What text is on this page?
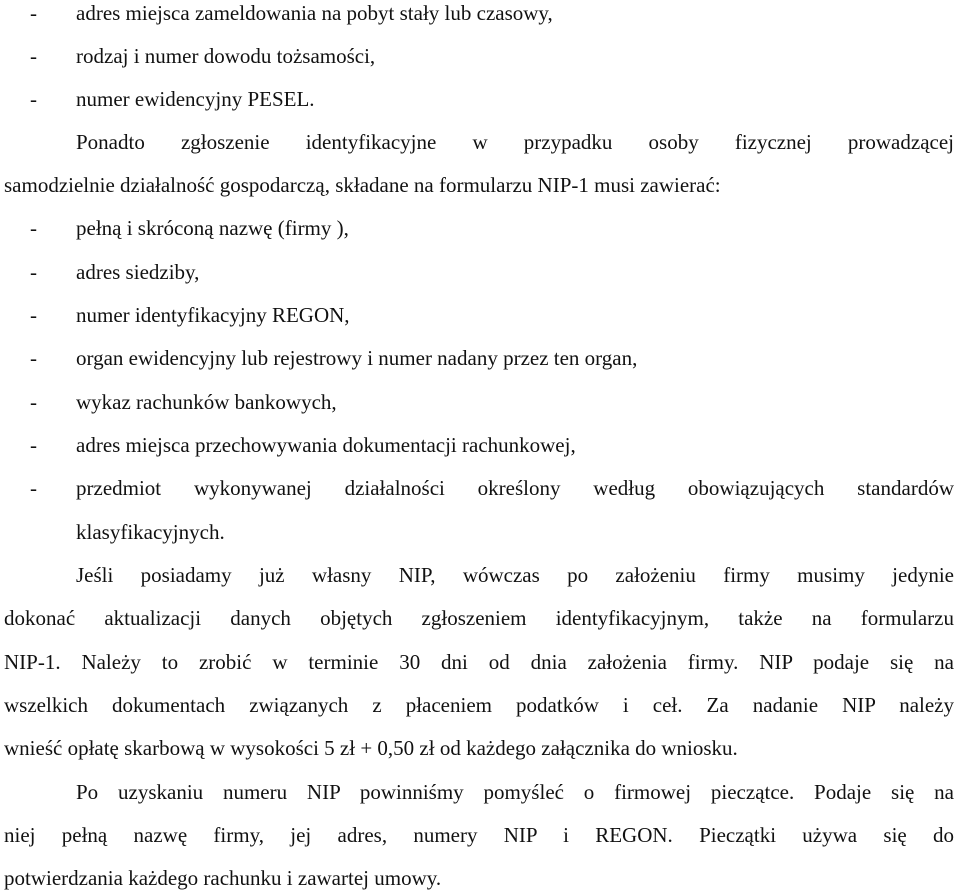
- adres miejsca zameldowania na pobyt stały lub czasowy,
- rodzaj i numer dowodu tożsamości,
- numer ewidencyjny PESEL.
Ponadto zgłoszenie identyfikacyjne w przypadku osoby fizycznej prowadzącej
samodzielnie działalność gospodarczą, składane na formularzu NIP-1 musi zawierać:
- pełną i skróconą nazwę (firmy ),
- adres siedziby,
- numer identyfikacyjny REGON,
- organ ewidencyjny lub rejestrowy i numer nadany przez ten organ,
- wykaz rachunków bankowych,
- adres miejsca przechowywania dokumentacji rachunkowej,
- przedmiot wykonywanej działalności określony według obowiązujących standardów
klasyfikacyjnych.
Jeśli posiadamy już własny NIP, wówczas po założeniu firmy musimy jedynie
dokonać aktualizacji danych objętych zgłoszeniem identyfikacyjnym, także na formularzu
NIP-1. Należy to zrobić w terminie 30 dni od dnia założenia firmy. NIP podaje się na
wszelkich dokumentach związanych z płaceniem podatków i ceł. Za nadanie NIP należy
wnieść opłatę skarbową w wysokości 5 zł + 0,50 zł od każdego załącznika do wniosku.
Po uzyskaniu numeru NIP powinniśmy pomyśleć o firmowej pieczątce. Podaje się na
niej pełną nazwę firmy, jej adres, numery NIP i REGON. Pieczątki używa się do
potwierdzania każdego rachunku i zawartej umowy.
